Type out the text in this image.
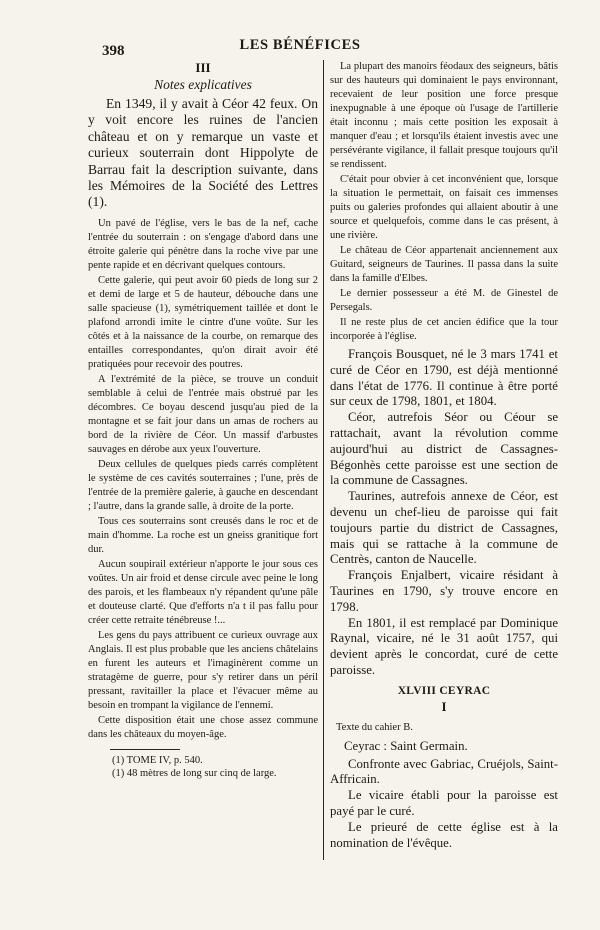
398	LES BÉNÉFICES

III

Notes explicatives

En 1349, il y avait à Céor 42 feux. On y voit encore les ruines de l'ancien château et on y remarque un vaste et curieux souterrain dont Hippolyte de Barrau fait la description suivante, dans les Mémoires de la Société des Lettres (1).

Un pavé de l'église, vers le bas de la nef, cache l'entrée du souterrain : on s'engage d'abord dans une étroite galerie qui pénètre dans la roche vive par une pente rapide et en décrivant quelques contours.

Cette galerie, qui peut avoir 60 pieds de long sur 2 et demi de large et 5 de hauteur, débouche dans une salle spacieuse (1), symétriquement taillée et dont le plafond arrondi imite le cintre d'une voûte. Sur les côtés et à la naissance de la courbe, on remarque des entailles correspondantes, qu'on dirait avoir été pratiquées pour recevoir des poutres.

A l'extrémité de la pièce, se trouve un conduit semblable à celui de l'entrée mais obstrué par les décombres. Ce boyau descend jusqu'au pied de la montagne et se fait jour dans un amas de rochers au bord de la rivière de Céor. Un massif d'arbustes sauvages en dérobe aux yeux l'ouverture.

Deux cellules de quelques pieds carrés complètent le système de ces cavités souterraines ; l'une, près de l'entrée de la première galerie, à gauche en descendant ; l'autre, dans la grande salle, à droite de la porte.

Tous ces souterrains sont creusés dans le roc et de main d'homme. La roche est un gneiss granitique fort dur.

Aucun soupirail extérieur n'apporte le jour sous ces voûtes. Un air froid et dense circule avec peine le long des parois, et les flambeaux n'y répandent qu'une pâle et douteuse clarté. Que d'efforts n'a t il pas fallu pour créer cette retraite ténébreuse !...

Les gens du pays attribuent ce curieux ouvrage aux Anglais. Il est plus probable que les anciens châtelains en furent les auteurs et l'imaginèrent comme un stratagème de guerre, pour s'y retirer dans un péril pressant, ravitailler la place et l'évacuer même au besoin en trompant la vigilance de l'ennemi.

Cette disposition était une chose assez commune dans les châteaux du moyen-âge.

(1) TOME IV, p. 540.

(1) 48 mètres de long sur cinq de large.

La plupart des manoirs féodaux des seigneurs, bâtis sur des hauteurs qui dominaient le pays environnant, recevaient de leur position une force presque inexpugnable à une époque où l'usage de l'artillerie était inconnu ; mais cette position les exposait à manquer d'eau ; et lorsqu'ils étaient investis avec une persévérante vigilance, il fallait presque toujours qu'il se rendissent.

C'était pour obvier à cet inconvénient que, lorsque la situation le permettait, on faisait ces immenses puits ou galeries profondes qui allaient aboutir à une source et quelquefois, comme dans le cas présent, à une rivière.

Le château de Céor appartenait anciennement aux Guitard, seigneurs de Taurines. Il passa dans la suite dans la famille d'Elbes.

Le dernier possesseur a été M. de Ginestel de Persegals.

Il ne reste plus de cet ancien édifice que la tour incorporée à l'église.

François Bousquet, né le 3 mars 1741 et curé de Céor en 1790, est déjà mentionné dans l'état de 1776. Il continue à être porté sur ceux de 1798, 1801, et 1804.

Céor, autrefois Séor ou Céour se rattachait, avant la révolution comme aujourd'hui au district de Cassagnes-Bégonhès cette paroisse est une section de la commune de Cassagnes.

Taurines, autrefois annexe de Céor, est devenu un chef-lieu de paroisse qui fait toujours partie du district de Cassagnes, mais qui se rattache à la commune de Centrès, canton de Naucelle.

François Enjalbert, vicaire résidant à Taurines en 1790, s'y trouve encore en 1798.

En 1801, il est remplacé par Dominique Raynal, vicaire, né le 31 août 1757, qui devient après le concordat, curé de cette paroisse.

XLVIII CEYRAC

I

Texte du cahier B.

Ceyrac : Saint Germain.

Confronte avec Gabriac, Cruéjols, Saint-Affricain.

Le vicaire établi pour la paroisse est payé par le curé.

Le prieuré de cette église est à la nomination de l'évêque.
